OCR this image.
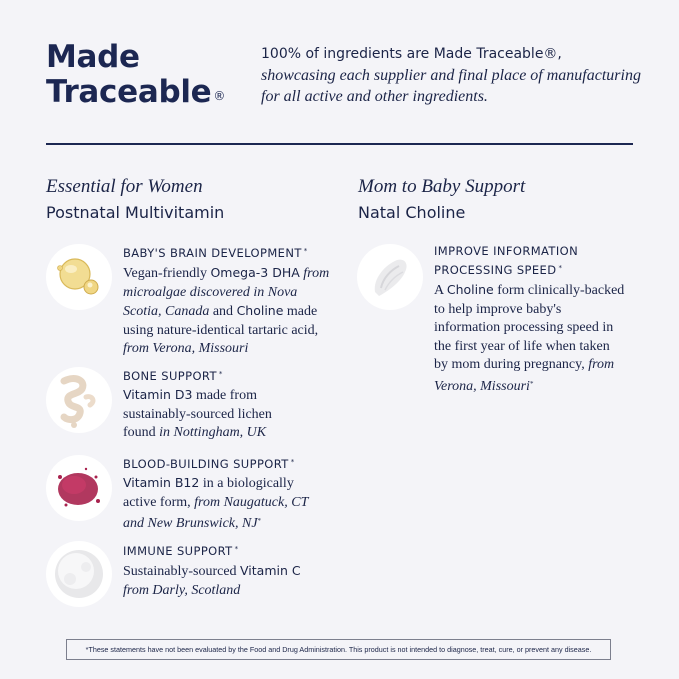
Made
Traceable ®
100% of ingredients are Made Traceable®,
showcasing each supplier and final place of manufacturing for all active and other ingredients.
Essential for Women
Postnatal Multivitamin
Mom to Baby Support
Natal Choline
BABY'S BRAIN DEVELOPMENT *
Vegan-friendly Omega-3 DHA from microalgae discovered in Nova Scotia, Canada and Choline made using nature-identical tartaric acid, from Verona, Missouri
BONE SUPPORT *
Vitamin D3 made from sustainably-sourced lichen found in Nottingham, UK
BLOOD-BUILDING SUPPORT *
Vitamin B12 in a biologically active form, from Naugatuck, CT and New Brunswick, NJ*
IMMUNE SUPPORT *
Sustainably-sourced Vitamin C
from Darly, Scotland
IMPROVE INFORMATION
PROCESSING SPEED *
A Choline form clinically-backed to help improve baby's information processing speed in the first year of life when taken by mom during pregnancy, from Verona, Missouri*
*These statements have not been evaluated by the Food and Drug Administration. This product is not intended to diagnose, treat, cure, or prevent any disease.
